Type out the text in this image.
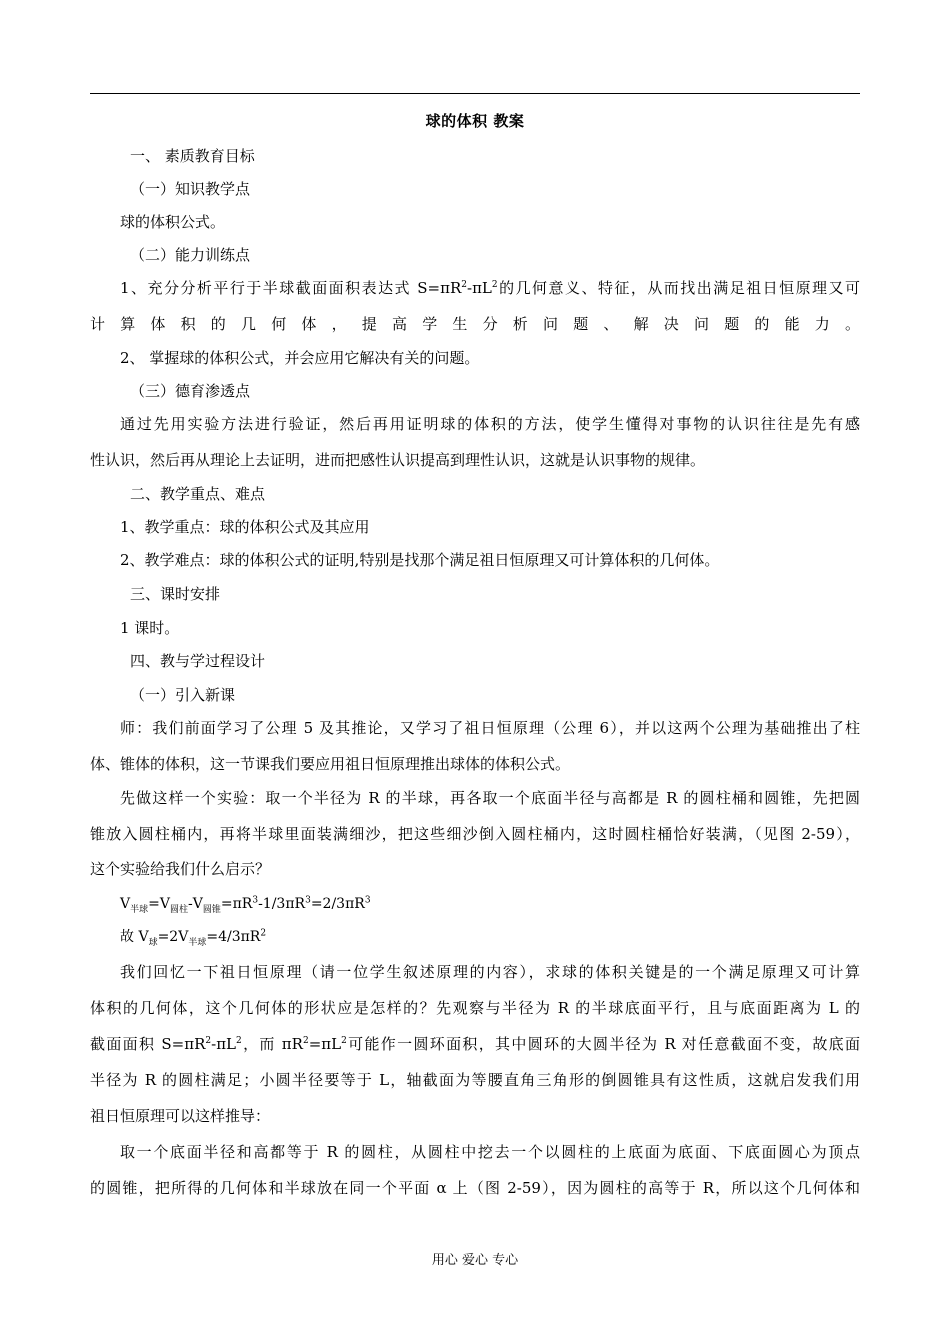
球的体积 教案
一、 素质教育目标
（一）知识教学点
球的体积公式。
（二）能力训练点
1、充分分析平行于半球截面面积表达式 $S=\pi R^2-\pi L^2$的几何意义、特征，从而找出满足祖日恒原理又可
计算体积的几何体，提高学生分析问题、解决问题的能力。
2、 掌握球的体积公式，并会应用它解决有关的问题。
（三）德育渗透点
通过先用实验方法进行验证，然后再用证明球的体积的方法，使学生懂得对事物的认识往往是先有感
性认识，然后再从理论上去证明，进而把感性认识提高到理性认识，这就是认识事物的规律。
二、教学重点、难点
1、教学重点：球的体积公式及其应用
2、教学难点：球的体积公式的证明,特别是找那个满足祖日恒原理又可计算体积的几何体。
三、课时安排
1 课时。
四、教与学过程设计
（一）引入新课
师：我们前面学习了公理 5 及其推论，又学习了祖日恒原理（公理 6），并以这两个公理为基础推出了柱
体、锥体的体积，这一节课我们要应用祖日恒原理推出球体的体积公式。
先做这样一个实验：取一个半径为 R 的半球，再各取一个底面半径与高都是 R 的圆柱桶和圆锥，先把圆
锥放入圆柱桶内，再将半球里面装满细沙，把这些细沙倒入圆柱桶内，这时圆柱桶恰好装满，（见图 2-59），
这个实验给我们什么启示？
$V_{半球}=V_{圆柱}-V_{圆锥}=\pi R^3-1/3\pi R^3=2/3\pi R^3$
故 $V_球=2V_{半球}=4/3\pi R^2$
我们回忆一下祖日恒原理（请一位学生叙述原理的内容），求球的体积关键是的一个满足原理又可计算
体积的几何体，这个几何体的形状应是怎样的？先观察与半径为 R 的半球底面平行，且与底面距离为 L 的
截面面积 $S=\pi R^2-\pi L^2$，而 $\pi R^2=\pi L^2$可能作一圆环面积，其中圆环的大圆半径为 R 对任意截面不变，故底面
半径为 R 的圆柱满足；小圆半径要等于 L，轴截面为等腰直角三角形的倒圆锥具有这性质，这就启发我们用
祖日恒原理可以这样推导：
取一个底面半径和高都等于 R 的圆柱，从圆柱中挖去一个以圆柱的上底面为底面、下底面圆心为顶点
的圆锥，把所得的几何体和半球放在同一个平面 α 上（图 2-59），因为圆柱的高等于 R，所以这个几何体和
用心 爱心 专心
